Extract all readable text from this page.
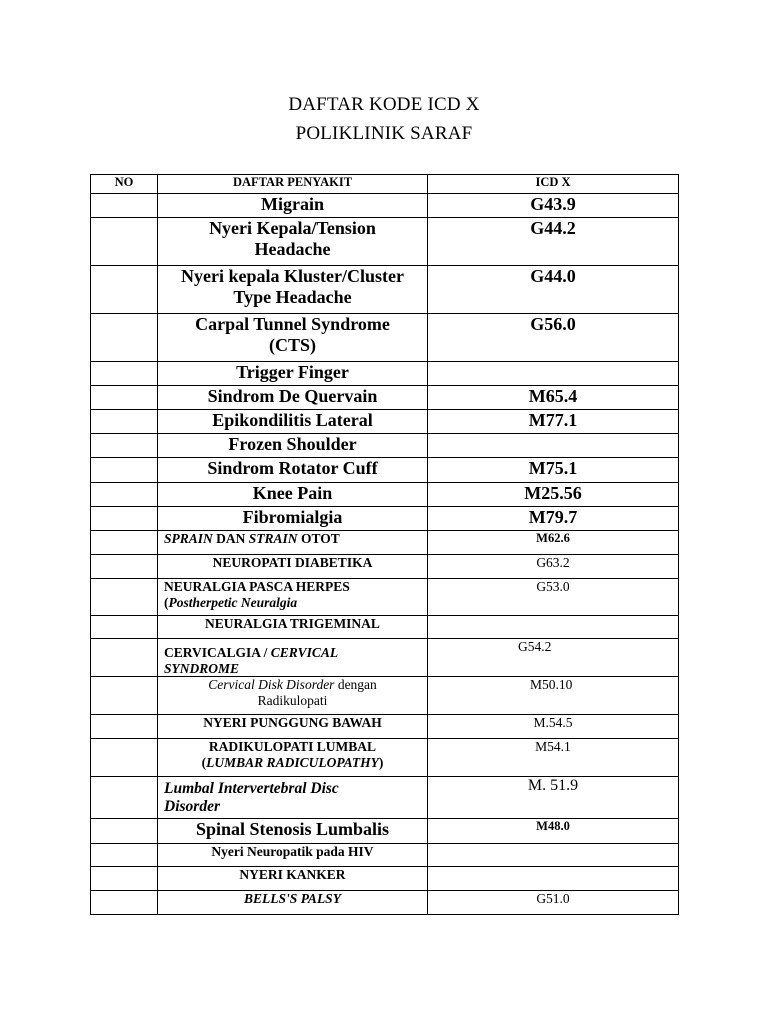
DAFTAR KODE ICD X
POLIKLINIK SARAF
NO	DAFTAR PENYAKIT	ICD X
	Migrain	G43.9
	Nyeri Kepala/Tension
Headache	G44.2
	Nyeri kepala Kluster/Cluster
Type Headache	G44.0
	Carpal Tunnel Syndrome
(CTS)	G56.0
	Trigger Finger	
	Sindrom De Quervain	M65.4
	Epikondilitis Lateral	M77.1
	Frozen Shoulder	
	Sindrom Rotator Cuff	M75.1
	Knee Pain	M25.56
	Fibromialgia	M79.7
	SPRAIN DAN STRAIN OTOT	M62.6
	NEUROPATI DIABETIKA	G63.2
	NEURALGIA PASCA HERPES
(Postherpetic Neuralgia	G53.0
	NEURALGIA TRIGEMINAL	
	CERVICALGIA / CERVICAL
SYNDROME	G54.2
	Cervical Disk Disorder dengan
Radikulopati	M50.10
	NYERI PUNGGUNG BAWAH	M.54.5
	RADIKULOPATI LUMBAL
(LUMBAR RADICULOPATHY)	M54.1
	Lumbal Intervertebral Disc
Disorder	M. 51.9
	Spinal Stenosis Lumbalis	M48.0
	Nyeri Neuropatik pada HIV	
	NYERI KANKER	
	BELLS'S PALSY	G51.0
